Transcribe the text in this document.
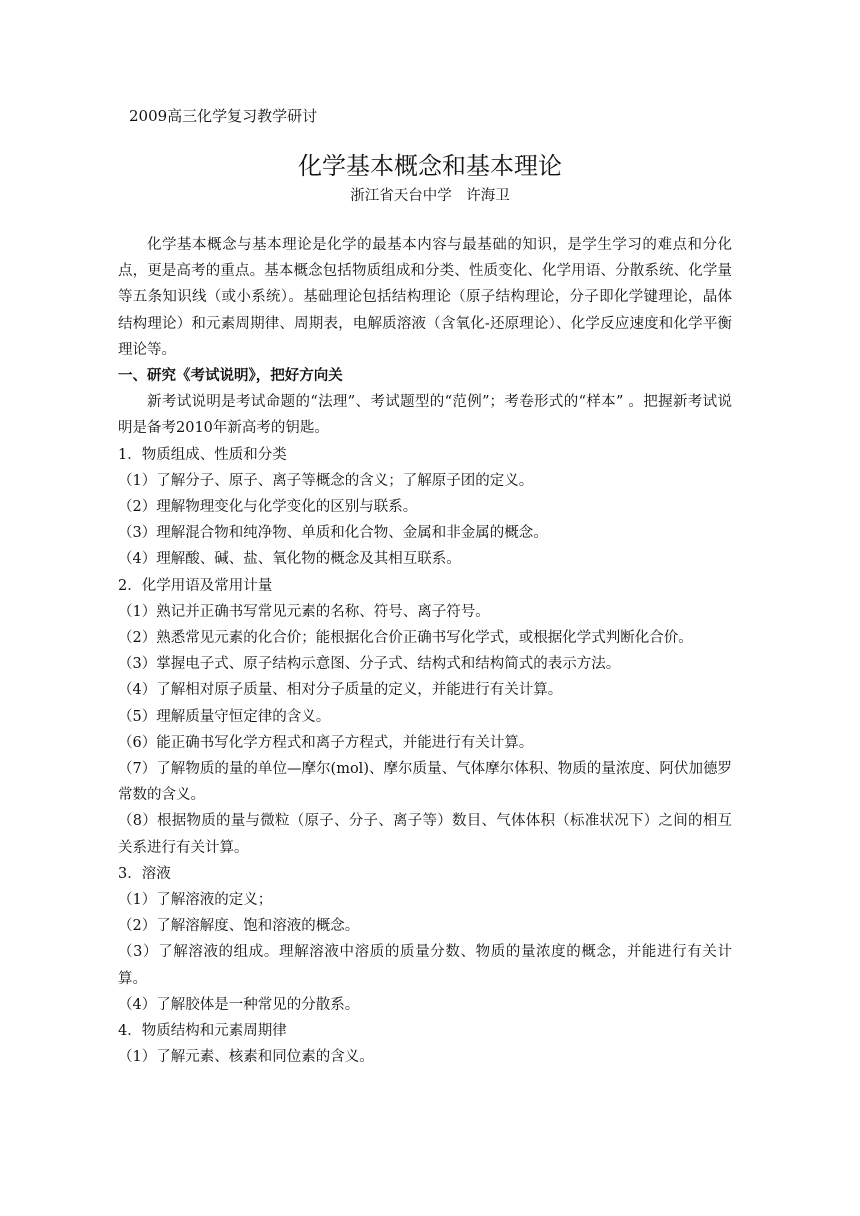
2009高三化学复习教学研讨
化学基本概念和基本理论
浙江省天台中学　许海卫

化学基本概念与基本理论是化学的最基本内容与最基础的知识，是学生学习的难点和分化点，更是高考的重点。基本概念包括物质组成和分类、性质变化、化学用语、分散系统、化学量等五条知识线（或小系统）。基础理论包括结构理论（原子结构理论，分子即化学键理论，晶体结构理论）和元素周期律、周期表，电解质溶液（含氧化-还原理论）、化学反应速度和化学平衡理论等。

一、研究《考试说明》，把好方向关

新考试说明是考试命题的“法理”、考试题型的“范例”；考卷形式的“样本” 。把握新考试说明是备考2010年新高考的钥匙。

1．物质组成、性质和分类

（1）了解分子、原子、离子等概念的含义；了解原子团的定义。

（2）理解物理变化与化学变化的区别与联系。

（3）理解混合物和纯净物、单质和化合物、金属和非金属的概念。

（4）理解酸、碱、盐、氧化物的概念及其相互联系。

2．化学用语及常用计量

（1）熟记并正确书写常见元素的名称、符号、离子符号。

（2）熟悉常见元素的化合价；能根据化合价正确书写化学式，或根据化学式判断化合价。

（3）掌握电子式、原子结构示意图、分子式、结构式和结构简式的表示方法。

（4）了解相对原子质量、相对分子质量的定义，并能进行有关计算。

（5）理解质量守恒定律的含义。

（6）能正确书写化学方程式和离子方程式，并能进行有关计算。

（7）了解物质的量的单位—摩尔(mol)、摩尔质量、气体摩尔体积、物质的量浓度、阿伏加德罗常数的含义。

（8）根据物质的量与微粒（原子、分子、离子等）数目、气体体积（标准状况下）之间的相互关系进行有关计算。

3．溶液

（1）了解溶液的定义；

（2）了解溶解度、饱和溶液的概念。

（3）了解溶液的组成。理解溶液中溶质的质量分数、物质的量浓度的概念，并能进行有关计算。

（4）了解胶体是一种常见的分散系。

4．物质结构和元素周期律

（1）了解元素、核素和同位素的含义。
